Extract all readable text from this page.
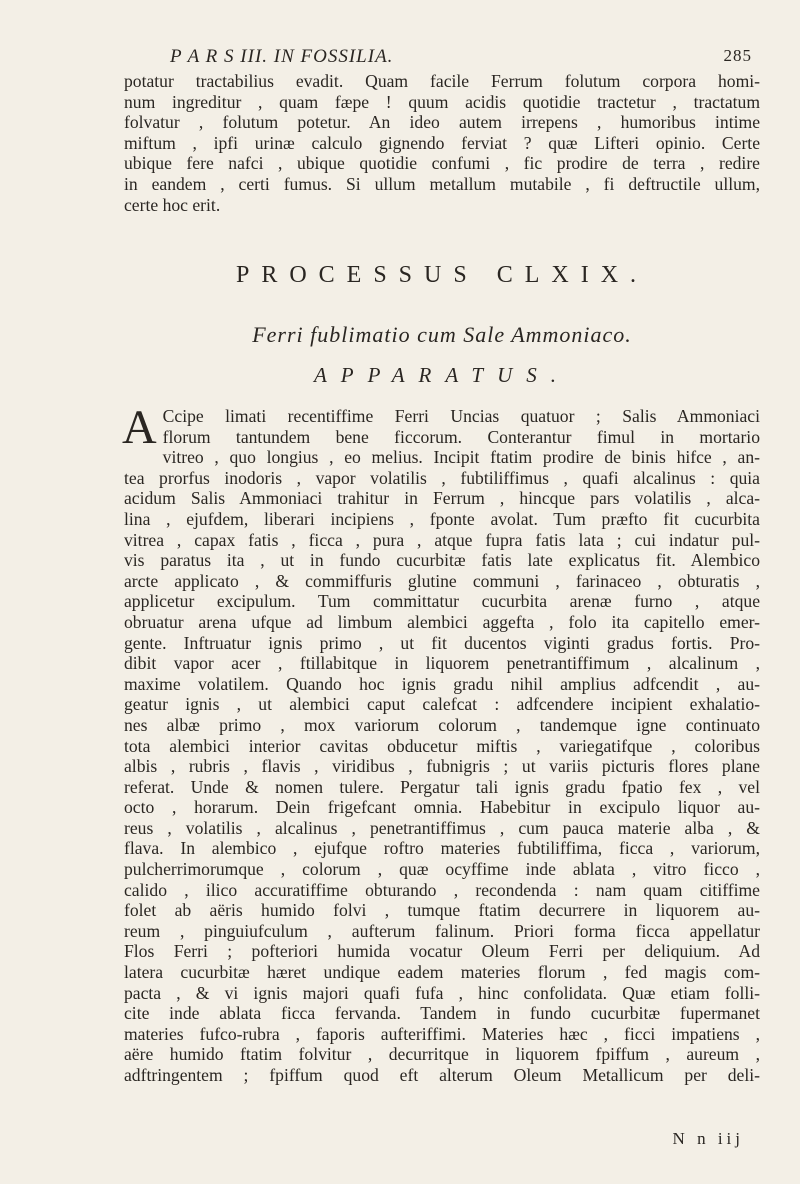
P A R S III. IN FOSSILIA.	285
potatur tractabilius evadit. Quam facile Ferrum folutum corpora homi-
num ingreditur , quam fæpe ! quum acidis quotidie tractetur , tractatum
folvatur , folutum potetur. An ideo autem irrepens , humoribus intime
miftum , ipfi urinæ calculo gignendo ferviat ? quæ Lifteri opinio. Certe
ubique fere nafci , ubique quotidie confumi , fic prodire de terra , redire
in eandem , certi fumus. Si ullum metallum mutabile , fi deftructile ullum,
certe hoc erit.
PROCESSUS CLXIX.
Ferri fublimatio cum Sale Ammoniaco.
APPARATUS.
A Ccipe limati recentiffime Ferri Uncias quatuor ; Salis Ammoniaci
florum tantundem bene ficcorum. Conterantur fimul in mortario
vitreo , quo longius , eo melius. Incipit ftatim prodire de binis hifce , an-
tea prorfus inodoris , vapor volatilis , fubtiliffimus , quafi alcalinus : quia
acidum Salis Ammoniaci trahitur in Ferrum , hincque pars volatilis , alca-
lina , ejufdem, liberari incipiens , fponte avolat. Tum præfto fit cucurbita
vitrea , capax fatis , ficca , pura , atque fupra fatis lata ; cui indatur pul-
vis paratus ita , ut in fundo cucurbitæ fatis late explicatus fit. Alembico
arcte applicato , & commiffuris glutine communi , farinaceo , obturatis ,
applicetur excipulum. Tum committatur cucurbita arenæ furno , atque
obruatur arena ufque ad limbum alembici aggefta , folo ita capitello emer-
gente. Inftruatur ignis primo , ut fit ducentos viginti gradus fortis. Pro-
dibit vapor acer , ftillabitque in liquorem penetrantiffimum , alcalinum ,
maxime volatilem. Quando hoc ignis gradu nihil amplius adfcendit , au-
geatur ignis , ut alembici caput calefcat : adfcendere incipient exhalatio-
nes albæ primo , mox variorum colorum , tandemque igne continuato
tota alembici interior cavitas obducetur miftis , variegatifque , coloribus
albis , rubris , flavis , viridibus , fubnigris ; ut variis picturis flores plane
referat. Unde & nomen tulere. Pergatur tali ignis gradu fpatio fex , vel
octo , horarum. Dein frigefcant omnia. Habebitur in excipulo liquor au-
reus , volatilis , alcalinus , penetrantiffimus , cum pauca materie alba , &
flava. In alembico , ejufque roftro materies fubtiliffima, ficca , variorum,
pulcherrimorumque , colorum , quæ ocyffime inde ablata , vitro ficco ,
calido , ilico accuratiffime obturando , recondenda : nam quam citiffime
folet ab aëris humido folvi , tumque ftatim decurrere in liquorem au-
reum , pinguiufculum , aufterum falinum. Priori forma ficca appellatur
Flos Ferri ; pofteriori humida vocatur Oleum Ferri per deliquium. Ad
latera cucurbitæ hæret undique eadem materies florum , fed magis com-
pacta , & vi ignis majori quafi fufa , hinc confolidata. Quæ etiam folli-
cite inde ablata ficca fervanda. Tandem in fundo cucurbitæ fupermanet
materies fufco-rubra , faporis aufteriffimi. Materies hæc , ficci impatiens ,
aëre humido ftatim folvitur , decurritque in liquorem fpiffum , aureum ,
adftringentem ; fpiffum quod eft alterum Oleum Metallicum per deli-
N n iij
